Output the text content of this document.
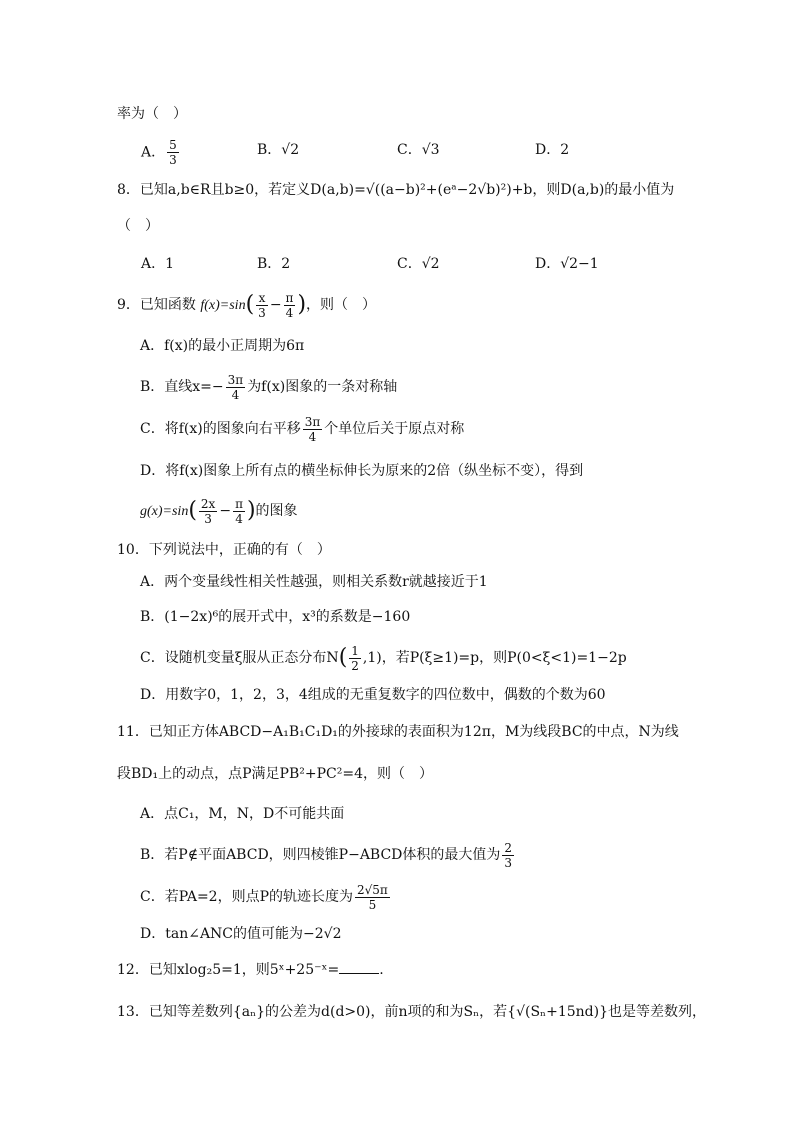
率为（　）
A． $\frac{5}{3}$	B．√2	C．√3	D．2
8．已知a,b∈R且b≥0，若定义D(a,b)=√((a−b)²+(eᵃ−2√b)²)+b，则D(a,b)的最小值为
（　）
A．1	B．2	C．√2	D．√2−1
9．已知函数 $f(x)=\sin( \frac{x}{3} - \frac{\pi}{4}$ )，则（　）
A．f(x)的最小正周期为6π
B．直线$x=- \frac{3\pi}{4}$ 为f(x)图象的一条对称轴
C．将f(x)的图象向右平移 $\frac{3\pi}{4}$ 个单位后关于原点对称
D．将f(x)图象上所有点的横坐标伸长为原来的2倍（纵坐标不变），得到
$g(x)=\sin( \frac{2x}{3} - \frac{\pi}{4}$ )的图象
10．下列说法中，正确的有（　）
A．两个变量线性相关性越强，则相关系数r就越接近于1
B．(1−2x)⁶的展开式中，x³的系数是−160
C．设随机变量ξ服从正态分布$N( \frac{1}{2} ,1)$，若P(ξ≥1)=p，则P(0<ξ<1)=1−2p
D．用数字0，1，2，3，4组成的无重复数字的四位数中，偶数的个数为60
11．已知正方体ABCD−A₁B₁C₁D₁的外接球的表面积为12π，M为线段BC的中点，N为线
段BD₁上的动点，点P满足PB²+PC²=4，则（　）
A．点C₁，M，N，D不可能共面
B．若P∉平面ABCD，则四棱锥P−ABCD体积的最大值为 $\frac{2}{3}$
C．若PA=2，则点P的轨迹长度为 $\frac{2√5\pi}{5}$
D．tan∠ANC的值可能为−2√2
12．已知xlog₂5=1，则5ˣ+25⁻ˣ=	.
13．已知等差数列{aₙ}的公差为d(d>0)，前n项的和为Sₙ，若{√(Sₙ+15nd)}也是等差数列，
